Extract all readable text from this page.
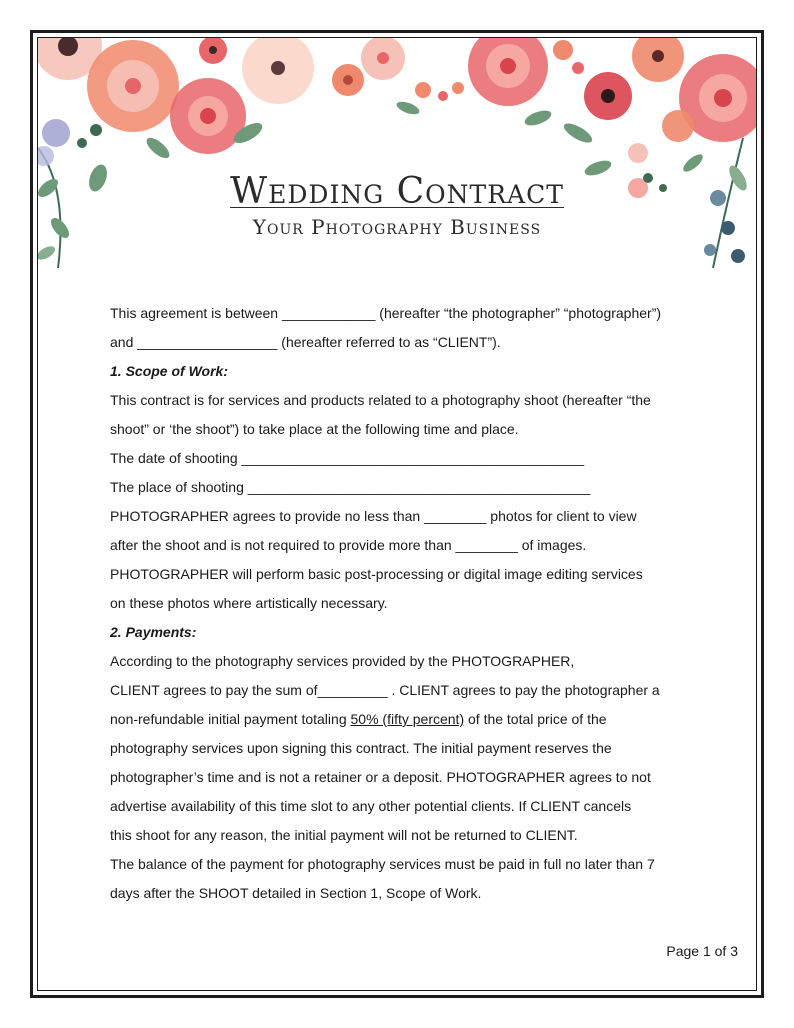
Wedding Contract
Your Photography Business
This agreement is between ____________ (hereafter “the photographer” “photographer”)
and __________________ (hereafter referred to as “CLIENT”).
1. Scope of Work:
This contract is for services and products related to a photography shoot (hereafter “the
shoot” or ‘the shoot”) to take place at the following time and place.
The date of shooting ____________________________________________
The place of shooting ____________________________________________
PHOTOGRAPHER agrees to provide no less than ________ photos for client to view
after the shoot and is not required to provide more than ________ of images.
PHOTOGRAPHER will perform basic post-processing or digital image editing services
on these photos where artistically necessary.
2. Payments:
According to the photography services provided by the PHOTOGRAPHER,
CLIENT agrees to pay the sum of_________ . CLIENT agrees to pay the photographer a
non-refundable initial payment totaling 50% (fifty percent) of the total price of the
photography services upon signing this contract. The initial payment reserves the
photographer’s time and is not a retainer or a deposit. PHOTOGRAPHER agrees to not
advertise availability of this time slot to any other potential clients. If CLIENT cancels
this shoot for any reason, the initial payment will not be returned to CLIENT.
The balance of the payment for photography services must be paid in full no later than 7
days after the SHOOT detailed in Section 1, Scope of Work.
Page 1 of 3
